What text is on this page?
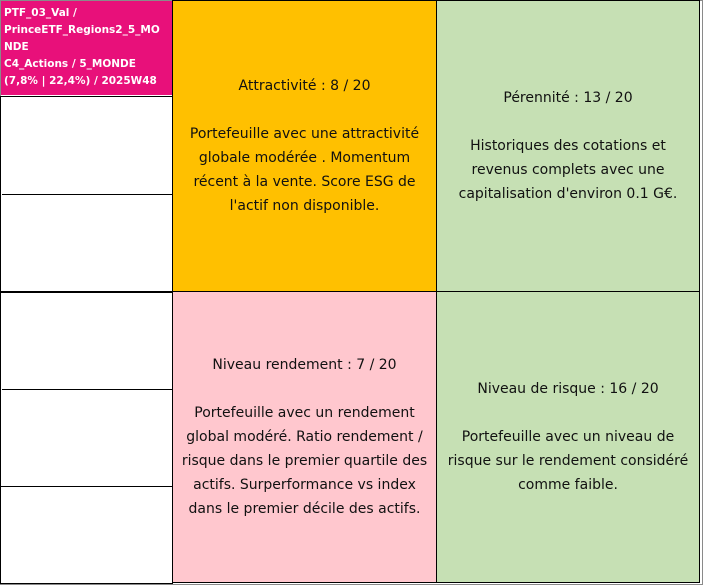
PTF_03_Val /
PrinceETF_Regions2_5_MO
NDE
C4_Actions / 5_MONDE
(7,8% | 22,4%) / 2025W48	Attractivité : 8 / 20
Portefeuille avec une attractivité globale modérée . Momentum récent à la vente. Score ESG de l'actif non disponible.
Pérennité : 13 / 20
Historiques des cotations et revenus complets avec une capitalisation d'environ 0.1 G€.
Niveau rendement : 7 / 20
Portefeuille avec un rendement global modéré. Ratio rendement / risque dans le premier quartile des actifs. Surperformance vs index dans le premier décile des actifs.
Niveau de risque : 16 / 20
Portefeuille avec un niveau de risque sur le rendement considéré comme faible.
